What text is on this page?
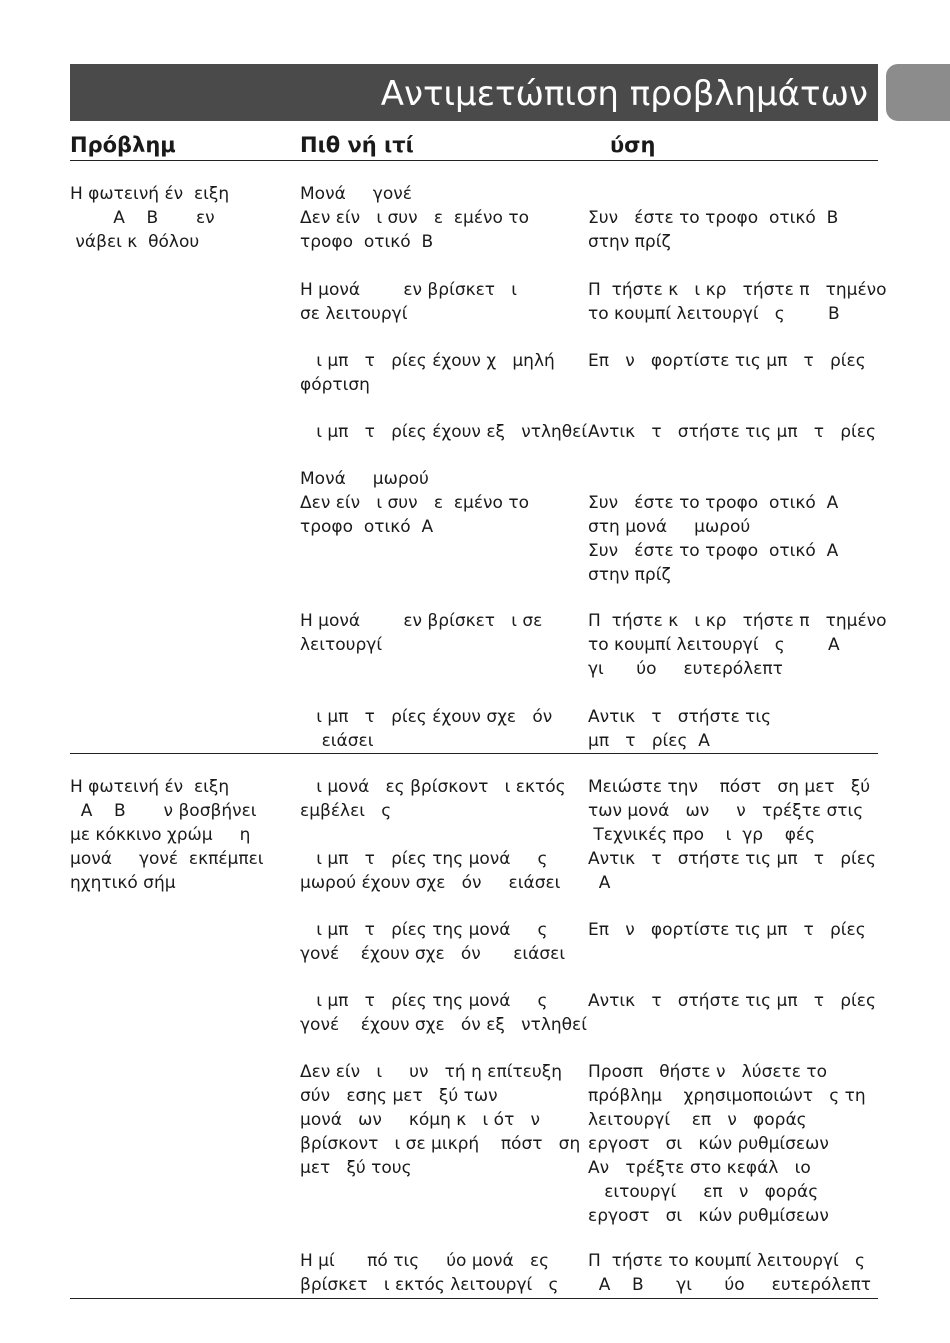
Αντιμετώπιση προβλημάτων
Πρόβλημ	Πιθ νή ιτί	ύση
Η φωτεινή έν  ειξη
A    B       εν
νάβει κ  θόλου
Μονά     γονέ
Δεν είν   ι συν   ε  εμένο το
τροφο  οτικό  B
Συν   έστε το τροφο  οτικό  B
στην πρίζ
Η μονά        εν βρίσκετ   ι
σε λειτουργί
Π  τήστε κ   ι κρ   τήστε π   τημένο
το κουμπί λειτουργί   ς        B
ι μπ   τ   ρίες έχουν χ   μηλή
φόρτιση
Επ   ν   φορτίστε τις μπ   τ   ρίες
ι μπ   τ   ρίες έχουν εξ   ντληθεί Αντικ   τ   στήστε τις μπ   τ   ρίες
Μονά     μωρού
Δεν είν   ι συν   ε  εμένο το
τροφο  οτικό  A
Συν   έστε το τροφο  οτικό  A
στη μονά     μωρού
Συν   έστε το τροφο  οτικό  A
στην πρίζ
Η μονά        εν βρίσκετ   ι σε
λειτουργί
Π  τήστε κ   ι κρ   τήστε π   τημένο
το κουμπί λειτουργί   ς        A
γι      ύο     ευτερόλεπτ
ι μπ   τ   ρίες έχουν σχε   όν
ειάσει
Αντικ   τ   στήστε τις
μπ   τ   ρίες  A
Η φωτεινή έν  ειξη
A    B       ν βοσβήνει
με κόκκινο χρώμ     η
μονά     γονέ  εκπέμπει
ηχητικό σήμ
ι μονά   ες βρίσκοντ   ι εκτός
εμβέλει   ς
Μειώστε την    πόστ   ση μετ   ξύ
των μονά   ων     ν   τρέξτε στις
Τεχνικές προ    ι  γρ    φές
ι μπ   τ   ρίες της μονά     ς
μωρού έχουν σχε   όν     ειάσει
Αντικ   τ   στήστε τις μπ   τ   ρίες
A
ι μπ   τ   ρίες της μονά     ς
γονέ    έχουν σχε   όν      ειάσει
Επ   ν   φορτίστε τις μπ   τ   ρίες
ι μπ   τ   ρίες της μονά     ς
γονέ    έχουν σχε   όν εξ   ντληθεί
Αντικ   τ   στήστε τις μπ   τ   ρίες
Δεν είν   ι     υν   τή η επίτευξη
σύν   εσης μετ   ξύ των
μονά   ων     κόμη κ   ι ότ   ν
βρίσκοντ   ι σε μικρή    πόστ   ση
μετ   ξύ τους
Προσπ   θήστε ν   λύσετε το
πρόβλημ    χρησιμοποιώντ   ς τη
λειτουργί    επ   ν   φοράς
εργοστ   σι   κών ρυθμίσεων
Αν   τρέξτε στο κεφάλ   ιο
ειτουργί     επ   ν   φοράς
εργοστ   σι   κών ρυθμίσεων
Η μί      πό τις     ύο μονά   ες
βρίσκετ   ι εκτός λειτουργί   ς
Π  τήστε το κουμπί λειτουργί   ς
A    B      γι      ύο     ευτερόλεπτ
